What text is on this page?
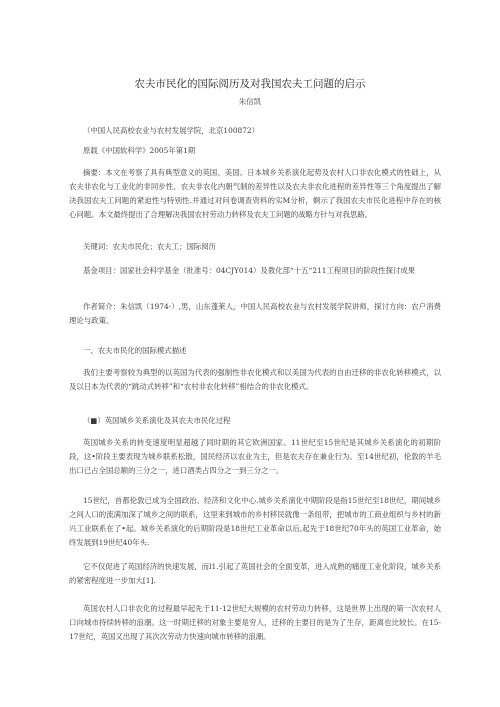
农夫市民化的国际阅历及对我国农夫工问题的启示
朱信凯

（中国人民高校农业与农村发展学院，北京100872）

原载《中国软科学》2005年第1期

摘要：本文在考察了具有典型意义的英国、美国、日本城乡关系演化起势及农村人口非农化模式的性础上，从农夫非农化与工业化的非同步性、农夫非农化内朝气制的差异性以及农夫非农化进程的差异性等三个角度提出了解决我国农夫工问题的紧迫性与特别性.并通过对问卷调查资料的实M分析，婀示了我国农夫市民化进程中存在的核心问题。本文最终提出了合理解决我国农村劳动力转移及农夫工问题的战略方针与对我思路。

关键词：农夫市民化；农夫工；国际阅历

基金项目：国家社会科学基金（批准号：04CJY014）及教化部“十五“211工程项目的阶段性探讨成果

作者简介：朱信凯（1974-）,男，山东蓬莱人，中国人民高校农业与农村发展学院讲师，探讨方向：农户消费理论与政策。

一、农夫市民化的国际模式描述

我们主要考察较为典型的以英国为代表的强制性非农化模式和以美国为代表的自由迁移的非农化转移模式，以及以日本为代表的“跳动式转移”和“农村非农化转移”相结合的非农化模式。

（■）英国城乡关系演化及其农夫市民化过程

英国城乡关系的转变速度明显超越了同时期的其它欧洲国家。11世纪至15世纪是其城乡关系演化的初期阶段，这•阶段主要表现为城乡联系松散，国民经济以农业为主，但是农夫存在兼业行为。至14世纪初，伦敦的羊毛出口已占全国总额的三分之一，进口酒类占四分之一到三分之一。

15世纪，首都伦敦已成为全国政治、经济和文化中心.城乡关系演化中期阶段是指15世纪至18世纪，期间城乡之间人口的流满加深了城乡之间的联系，这里来到城市的乡村移民就像一条纽带，把城市的工商业组织与乡村的新兴工业联系在了•起。城乡关系演化的后期阶段是18世纪工业革命以后,起先于18世纪70年头的英国工业革命，始终发展到19世纪40年头.

它不仅促进了英国经济的快速发展，而l1.引起了英国社会的全面变革，进入成熟的痛度工业化阶段，城乡关系的紧密程度进一步加大[1].

英国农村人口非农化的过程最早起先于11-12世纪大规模的农村劳动力转移，这是世界上出现的第一次农村人口向城市持续转移的浪潮。这一时期迁移的对象主要是穷人，迁移的主要目的是为了生存，距离也比较长。在15-17世纪，英国又出现了其次次劳动力快速向城市转移的浪潮。
